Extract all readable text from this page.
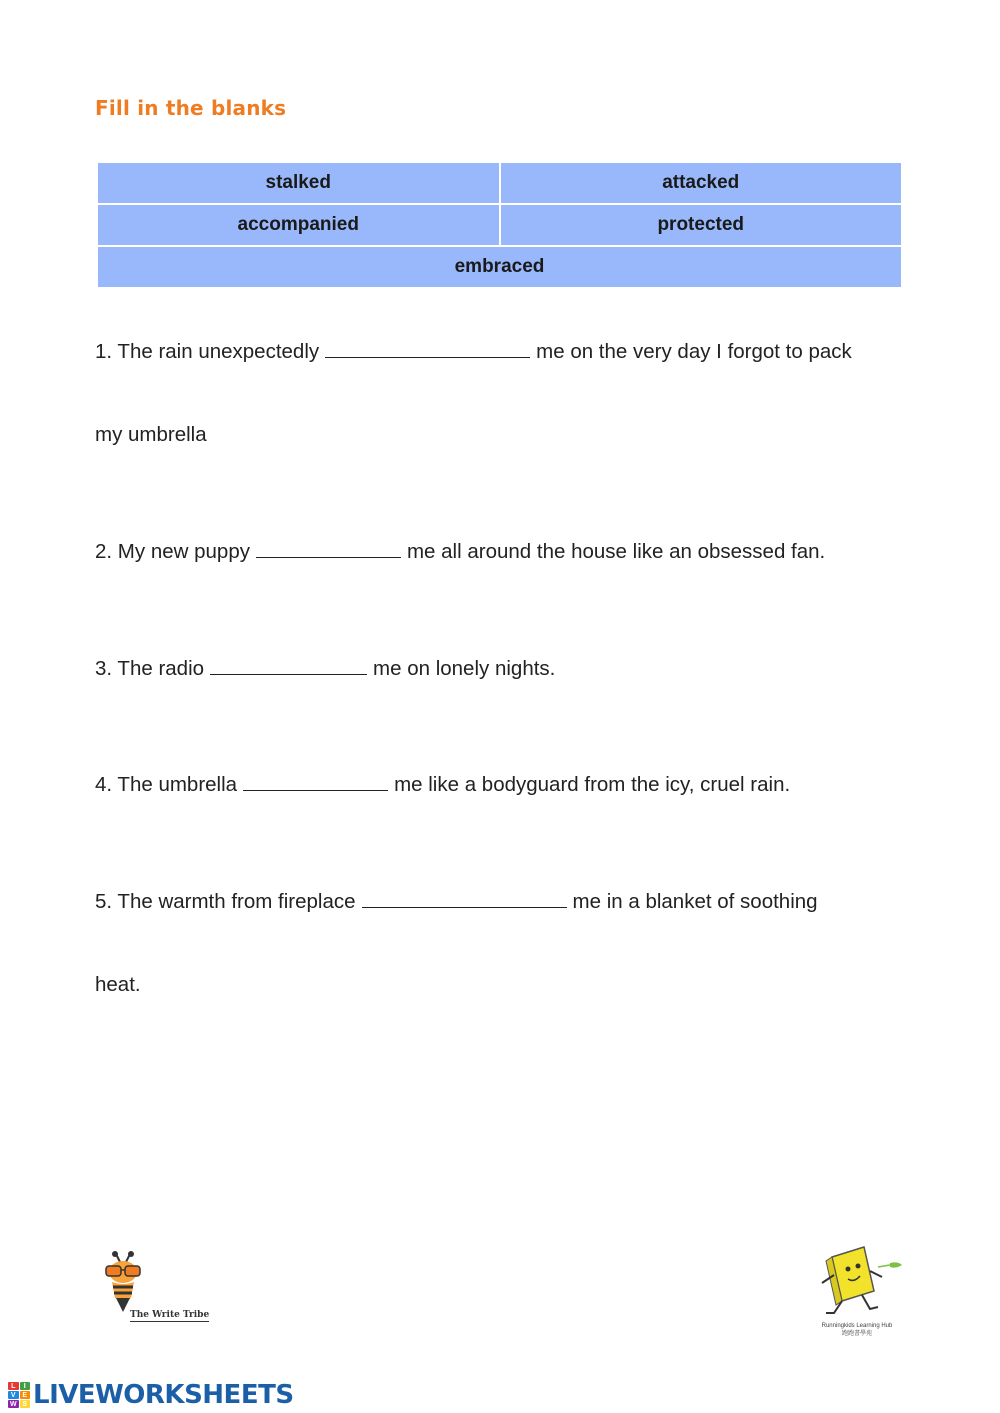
Fill in the blanks
stalked	attacked
accompanied	protected
embraced	
1. The rain unexpectedly	me on the very day I forgot to pack
my umbrella
2. My new puppy	me all around the house like an obsessed fan.
3. The radio	me on lonely nights.
4. The umbrella	me like a bodyguard from the icy, cruel rain.
5. The warmth from fireplace	me in a blanket of soothing
heat.
The Write Tribe
Runningkids Learning Hub
跑跑書學苑
L	I
V E
W S LIVEWORKSHEETS
